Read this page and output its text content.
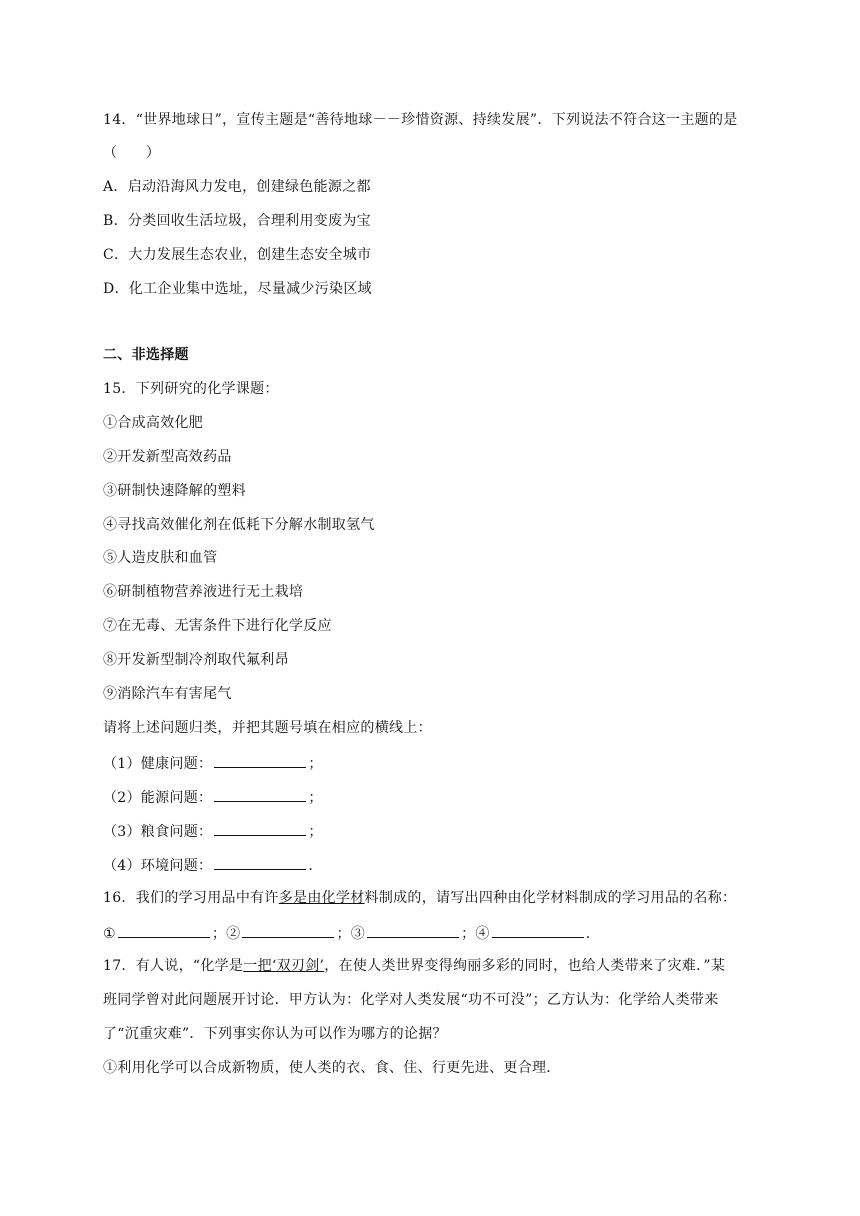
14．“世界地球日”，宣传主题是“善待地球－－珍惜资源、持续发展”．下列说法不符合这一主题的是
（　　）
A．启动沿海风力发电，创建绿色能源之都
B．分类回收生活垃圾，合理利用变废为宝
C．大力发展生态农业，创建生态安全城市
D．化工企业集中选址，尽量减少污染区域
二、非选择题
15．下列研究的化学课题：
①合成高效化肥
②开发新型高效药品
③研制快速降解的塑料
④寻找高效催化剂在低耗下分解水制取氢气
⑤人造皮肤和血管
⑥研制植物营养液进行无土栽培
⑦在无毒、无害条件下进行化学反应
⑧开发新型制冷剂取代氟利昂
⑨消除汽车有害尾气
请将上述问题归类，并把其题号填在相应的横线上：
（1）健康问题：	；
（2）能源问题：	；
（3）粮食问题：	；
（4）环境问题：	．
16．我们的学习用品中有许多是由化学材料制成的，请写出四种由化学材料制成的学习用品的名称：
①	；②	；③	；④	．
17．有人说，“化学是一把‘双刃剑’，在使人类世界变得绚丽多彩的同时，也给人类带来了灾难．”某
班同学曾对此问题展开讨论．甲方认为：化学对人类发展“功不可没”；乙方认为：化学给人类带来
了“沉重灾难”．下列事实你认为可以作为哪方的论据？
①利用化学可以合成新物质，使人类的衣、食、住、行更先进、更合理．
